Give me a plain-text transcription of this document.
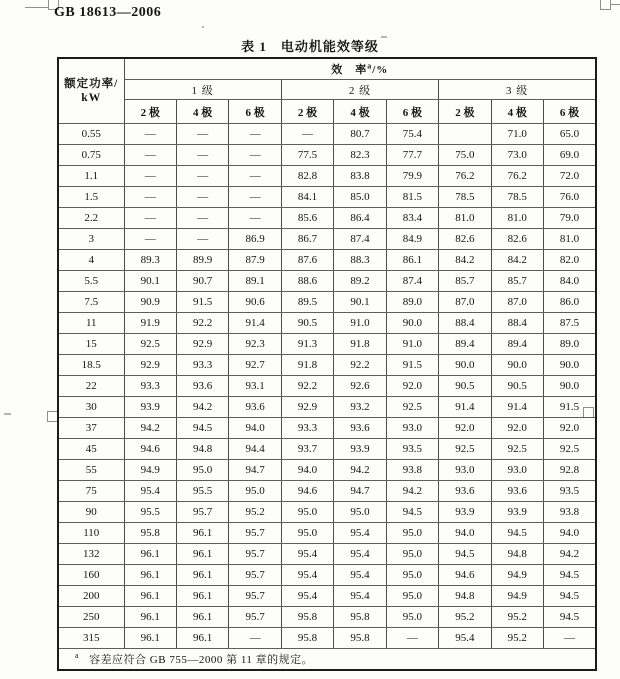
GB 18613—2006
表 1　电动机能效等级
额定功率/
kW	效　率$^a$/%								
	1 级			2 级			3 级		
	2 极	4 极	6 极	2 极	4 极	6 极	2 极	4 极	6 极
0.55	—	—	—	—	80.7	75.4		71.0	65.0
0.75	—	—	—	77.5	82.3	77.7	75.0	73.0	69.0
1.1	—	—	—	82.8	83.8	79.9	76.2	76.2	72.0
1.5	—	—	—	84.1	85.0	81.5	78.5	78.5	76.0
2.2	—	—	—	85.6	86.4	83.4	81.0	81.0	79.0
3	—	—	86.9	86.7	87.4	84.9	82.6	82.6	81.0
4	89.3	89.9	87.9	87.6	88.3	86.1	84.2	84.2	82.0
5.5	90.1	90.7	89.1	88.6	89.2	87.4	85.7	85.7	84.0
7.5	90.9	91.5	90.6	89.5	90.1	89.0	87.0	87.0	86.0
11	91.9	92.2	91.4	90.5	91.0	90.0	88.4	88.4	87.5
15	92.5	92.9	92.3	91.3	91.8	91.0	89.4	89.4	89.0
18.5	92.9	93.3	92.7	91.8	92.2	91.5	90.0	90.0	90.0
22	93.3	93.6	93.1	92.2	92.6	92.0	90.5	90.5	90.0
30	93.9	94.2	93.6	92.9	93.2	92.5	91.4	91.4	91.5
37	94.2	94.5	94.0	93.3	93.6	93.0	92.0	92.0	92.0
45	94.6	94.8	94.4	93.7	93.9	93.5	92.5	92.5	92.5
55	94.9	95.0	94.7	94.0	94.2	93.8	93.0	93.0	92.8
75	95.4	95.5	95.0	94.6	94.7	94.2	93.6	93.6	93.5
90	95.5	95.7	95.2	95.0	95.0	94.5	93.9	93.9	93.8
110	95.8	96.1	95.7	95.0	95.4	95.0	94.0	94.5	94.0
132	96.1	96.1	95.7	95.4	95.4	95.0	94.5	94.8	94.2
160	96.1	96.1	95.7	95.4	95.4	95.0	94.6	94.9	94.5
200	96.1	96.1	95.7	95.4	95.4	95.0	94.8	94.9	94.5
250	96.1	96.1	95.7	95.8	95.8	95.0	95.2	95.2	94.5
315	96.1	96.1	—	95.8	95.8	—	95.4	95.2	—
$^a$ 容差应符合 GB 755—2000 第 11 章的规定。									
